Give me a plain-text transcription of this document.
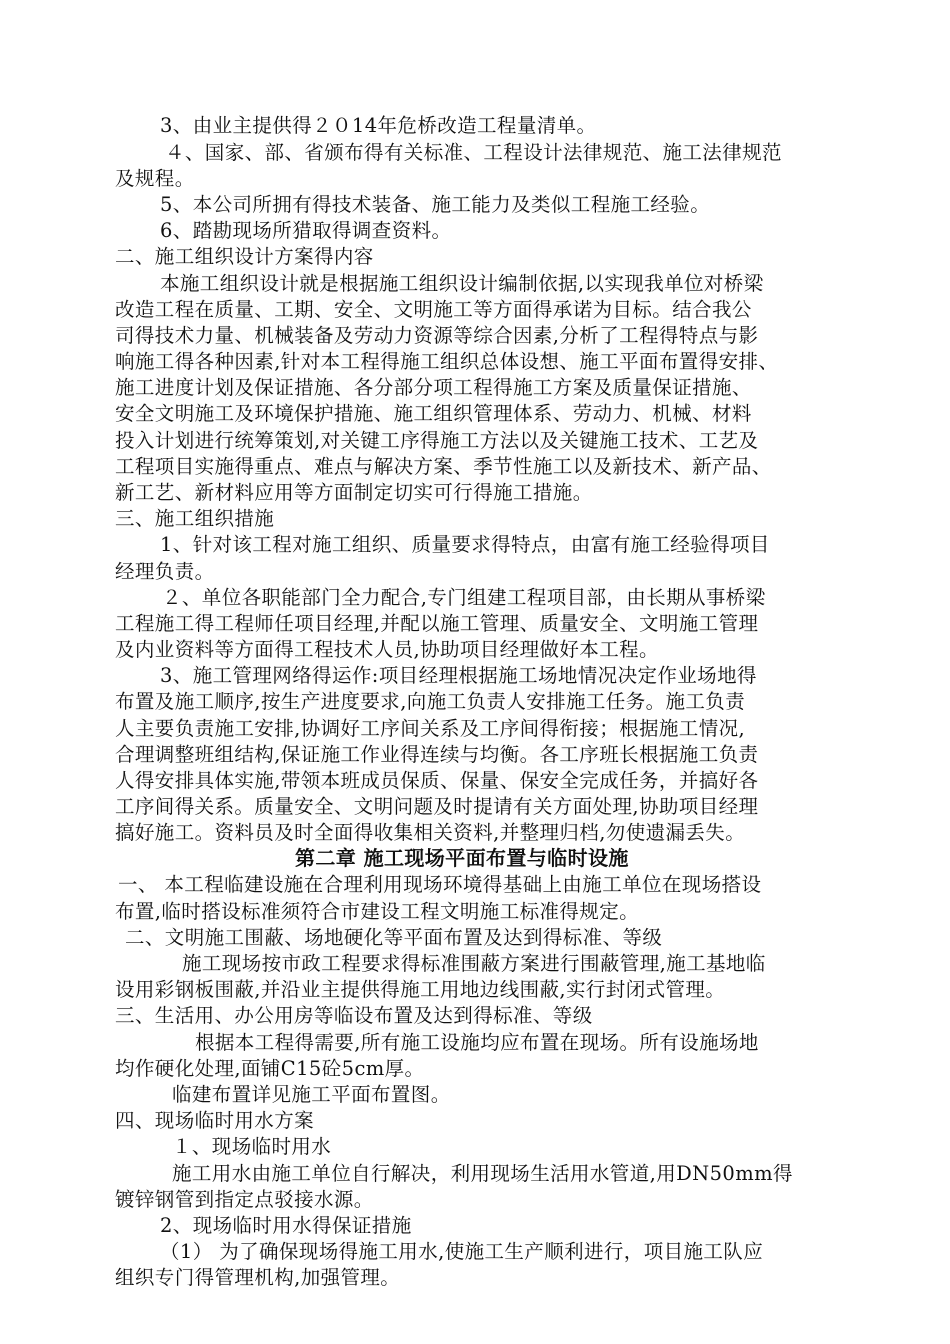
3、由业主提供得２０14年危桥改造工程量清单。
４、国家、部、省颁布得有关标准、工程设计法律规范、施工法律规范
及规程。
5、本公司所拥有得技术装备、施工能力及类似工程施工经验。
6、踏勘现场所猎取得调查资料。
二、施工组织设计方案得内容
本施工组织设计就是根据施工组织设计编制依据,以实现我单位对桥梁
改造工程在质量、工期、安全、文明施工等方面得承诺为目标。结合我公
司得技术力量、机械装备及劳动力资源等综合因素,分析了工程得特点与影
响施工得各种因素,针对本工程得施工组织总体设想、施工平面布置得安排、
施工进度计划及保证措施、各分部分项工程得施工方案及质量保证措施、
安全文明施工及环境保护措施、施工组织管理体系、劳动力、机械、材料
投入计划进行统筹策划,对关键工序得施工方法以及关键施工技术、工艺及
工程项目实施得重点、难点与解决方案、季节性施工以及新技术、新产品、
新工艺、新材料应用等方面制定切实可行得施工措施。
三、施工组织措施
1、针对该工程对施工组织、质量要求得特点，由富有施工经验得项目
经理负责。
２、单位各职能部门全力配合,专门组建工程项目部，由长期从事桥梁
工程施工得工程师任项目经理,并配以施工管理、质量安全、文明施工管理
及内业资料等方面得工程技术人员,协助项目经理做好本工程。
3、施工管理网络得运作:项目经理根据施工场地情况决定作业场地得
布置及施工顺序,按生产进度要求,向施工负责人安排施工任务。施工负责
人主要负责施工安排,协调好工序间关系及工序间得衔接；根据施工情况,
合理调整班组结构,保证施工作业得连续与均衡。各工序班长根据施工负责
人得安排具体实施,带领本班成员保质、保量、保安全完成任务，并搞好各
工序间得关系。质量安全、文明问题及时提请有关方面处理,协助项目经理
搞好施工。资料员及时全面得收集相关资料,并整理归档,勿使遗漏丢失。
第二章 施工现场平面布置与临时设施
一、 本工程临建设施在合理利用现场环境得基础上由施工单位在现场搭设
布置,临时搭设标准须符合市建设工程文明施工标准得规定。
二、文明施工围蔽、场地硬化等平面布置及达到得标准、等级
施工现场按市政工程要求得标准围蔽方案进行围蔽管理,施工基地临
设用彩钢板围蔽,并沿业主提供得施工用地边线围蔽,实行封闭式管理。
三、生活用、办公用房等临设布置及达到得标准、等级
根据本工程得需要,所有施工设施均应布置在现场。所有设施场地
均作硬化处理,面铺C15砼5cm厚。
临建布置详见施工平面布置图。
四、现场临时用水方案
１、现场临时用水
施工用水由施工单位自行解决，利用现场生活用水管道,用DN50mm得
镀锌钢管到指定点驳接水源。
2、现场临时用水得保证措施
（1） 为了确保现场得施工用水,使施工生产顺利进行，项目施工队应
组织专门得管理机构,加强管理。
